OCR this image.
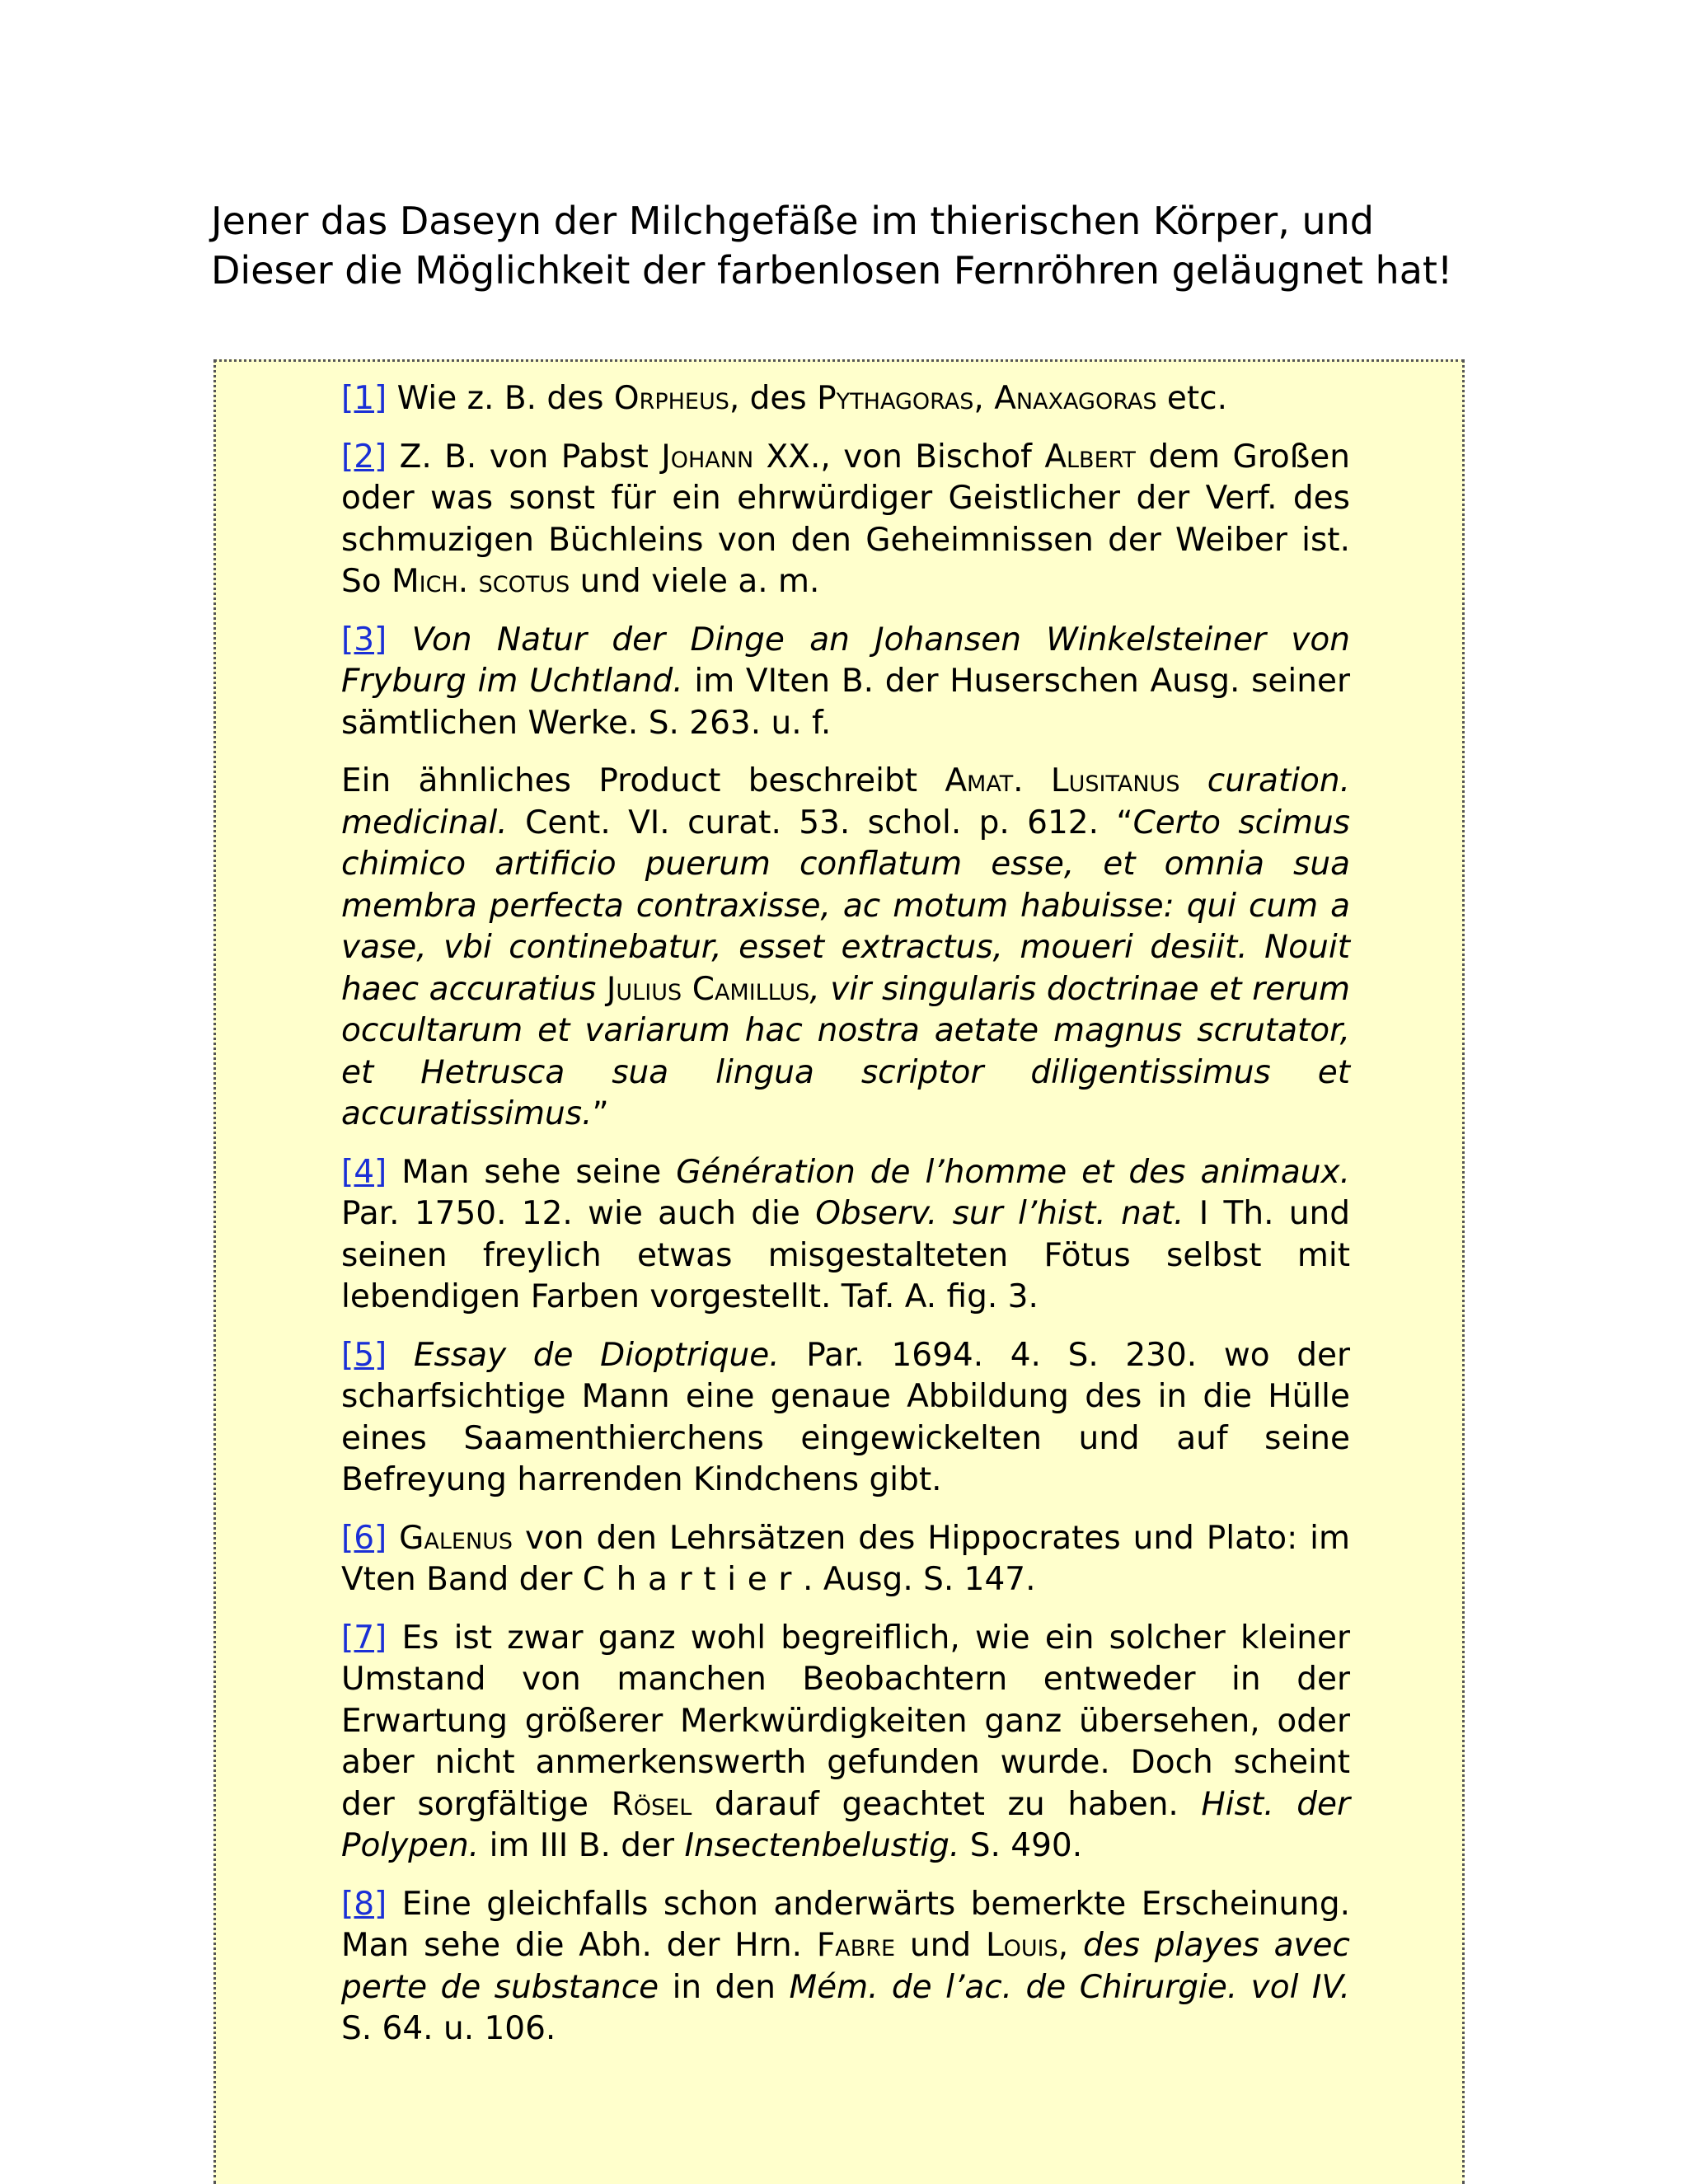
Jener das Daseyn der Milchgefäße im thierischen Körper, und Dieser die Möglichkeit der farbenlosen Fernröhren geläugnet hat!

[1] Wie z. B. des Orpheus, des Pythagoras, Anaxagoras etc.

[2] Z. B. von Pabst Johann XX., von Bischof Albert dem Großen oder was sonst für ein ehrwürdiger Geistlicher der Verf. des schmuzigen Büchleins von den Geheimnissen der Weiber ist. So Mich. scotus und viele a. m.

[3] Von Natur der Dinge an Johansen Winkelsteiner von Fryburg im Uchtland. im VIten B. der Huserschen Ausg. seiner sämtlichen Werke. S. 263. u. f.

Ein ähnliches Product beschreibt Amat. Lusitanus curation. medicinal. Cent. VI. curat. 53. schol. p. 612. “Certo scimus chimico artificio puerum conflatum esse, et omnia sua membra perfecta contraxisse, ac motum habuisse: qui cum a vase, vbi continebatur, esset extractus, moueri desiit. Nouit haec accuratius Julius Camillus, vir singularis doctrinae et rerum occultarum et variarum hac nostra aetate magnus scrutator, et Hetrusca sua lingua scriptor diligentissimus et accuratissimus.”

[4] Man sehe seine Génération de l’homme et des animaux. Par. 1750. 12. wie auch die Observ. sur l’hist. nat. I Th. und seinen freylich etwas misgestalteten Fötus selbst mit lebendigen Farben vorgestellt. Taf. A. fig. 3.

[5] Essay de Dioptrique. Par. 1694. 4. S. 230. wo der scharfsichtige Mann eine genaue Abbildung des in die Hülle eines Saamenthierchens eingewickelten und auf seine Befreyung harrenden Kindchens gibt.

[6] Galenus von den Lehrsätzen des Hippocrates und Plato: im Vten Band der Chartier. Ausg. S. 147.

[7] Es ist zwar ganz wohl begreiflich, wie ein solcher kleiner Umstand von manchen Beobachtern entweder in der Erwartung größerer Merkwürdigkeiten ganz übersehen, oder aber nicht anmerkenswerth gefunden wurde. Doch scheint der sorgfältige Rösel darauf geachtet zu haben. Hist. der Polypen. im III B. der Insectenbelustig. S. 490.

[8] Eine gleichfalls schon anderwärts bemerkte Erscheinung. Man sehe die Abh. der Hrn. Fabre und Louis, des playes avec perte de substance in den Mém. de l’ac. de Chirurgie. vol IV. S. 64. u. 106.
